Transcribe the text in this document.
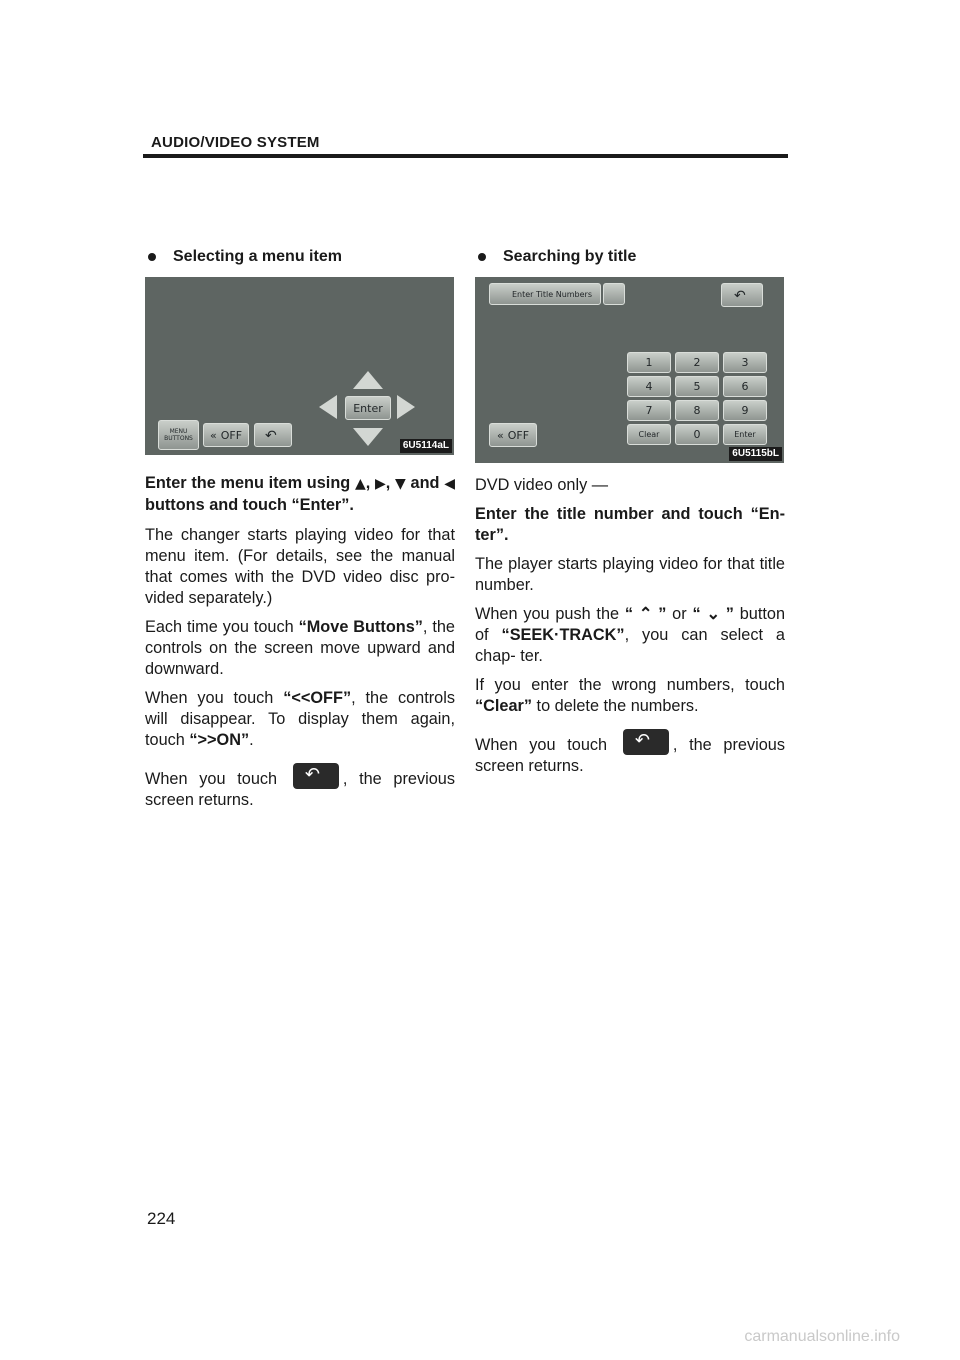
AUDIO/VIDEO SYSTEM
Selecting a menu item
Enter
MENU BUTTONS	« OFF ↶
6U5114aL

Enter the menu item using ▲, ▶, ▼ and ◀ buttons and touch “Enter”.

The changer starts playing video for that menu item. (For details, see the manual that comes with the DVD video disc pro- vided separately.)

Each time you touch “Move Buttons”, the controls on the screen move upward and downward.

When you touch “<<OFF”, the controls will disappear. To display them again, touch “>>ON”.

When you touch ↶	, the previous screen returns.

Searching by title
Enter Title Numbers	↶
1	2	3
4	5	6
7	8	9
Clear	0	Enter
« OFF
6U5115bL

DVD video only —

Enter the title number and touch “En- ter”.

The player starts playing video for that title number.

When you push the “ ⌃ ” or “ ⌄ ” button of “SEEK·TRACK”, you can select a chap- ter.

If you enter the wrong numbers, touch “Clear” to delete the numbers.

When you touch ↶	, the previous screen returns.

224
carmanualsonline.info
